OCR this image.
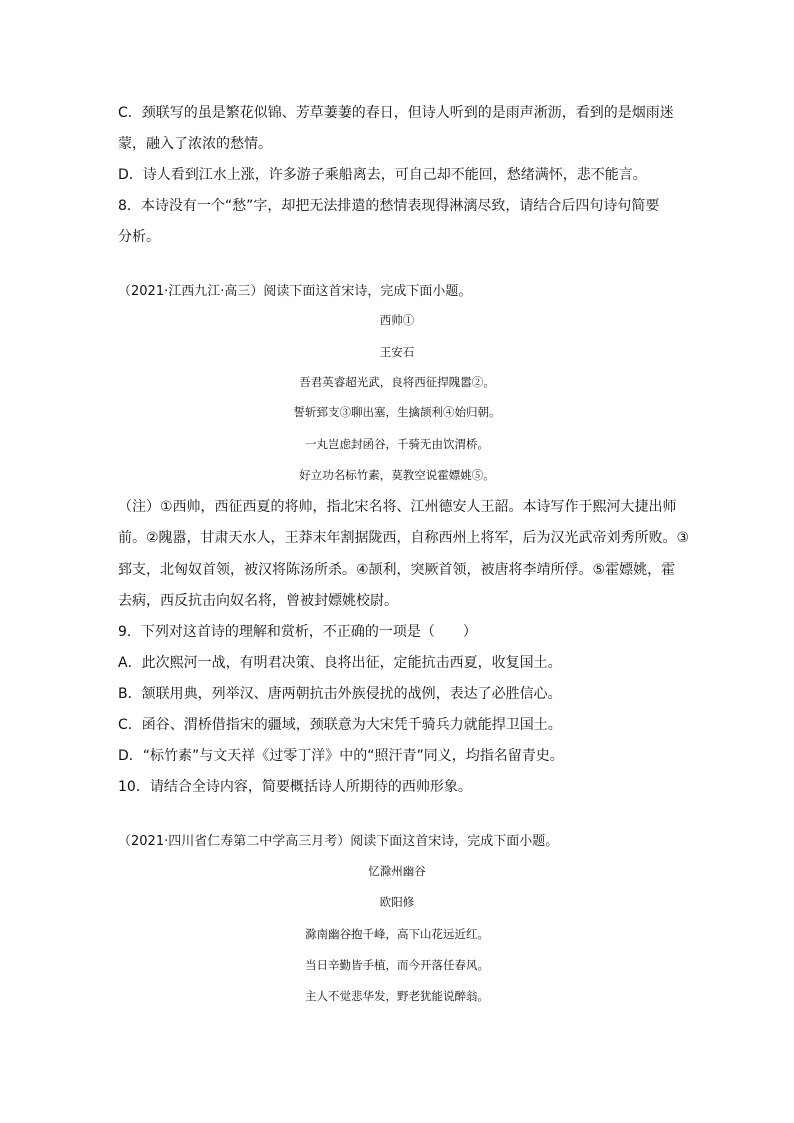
C．颈联写的虽是繁花似锦、芳草萋萋的春日，但诗人听到的是雨声淅沥，看到的是烟雨迷
蒙，融入了浓浓的愁情。
D．诗人看到江水上涨，许多游子乘船离去，可自己却不能回，愁绪满怀，悲不能言。
8．本诗没有一个“愁”字，却把无法排遣的愁情表现得淋漓尽致，请结合后四句诗句简要
分析。
（2021·江西九江·高三）阅读下面这首宋诗，完成下面小题。
西帅①
王安石
吾君英睿超光武，良将西征捍隗嚣②。
誓斩郅支③聊出塞，生擒颉利④始归朝。
一丸岂虑封函谷，千骑无由饮渭桥。
好立功名标竹素，莫教空说霍嫖姚⑤。
（注）①西帅，西征西夏的将帅，指北宋名将、江州德安人王韶。本诗写作于熙河大捷出师
前。②隗嚣，甘肃天水人，王莽末年割据陇西，自称西州上将军，后为汉光武帝刘秀所败。③
郅支，北匈奴首领，被汉将陈汤所杀。④颉利，突厥首领，被唐将李靖所俘。⑤霍嫖姚，霍
去病，西反抗击向奴名将，曾被封嫖姚校尉。
9．下列对这首诗的理解和赏析，不正确的一项是（　　）
A．此次熙河一战，有明君决策、良将出征，定能抗击西夏，收复国土。
B．颔联用典，列举汉、唐两朝抗击外族侵扰的战例，表达了必胜信心。
C．函谷、渭桥借指宋的疆域，颈联意为大宋凭千骑兵力就能捍卫国土。
D．“标竹素”与文天祥《过零丁洋》中的“照汗青”同义，均指名留青史。
10．请结合全诗内容，简要概括诗人所期待的西帅形象。
（2021·四川省仁寿第二中学高三月考）阅读下面这首宋诗，完成下面小题。
忆滁州幽谷
欧阳修
滁南幽谷抱千峰，高下山花远近红。
当日辛勤皆手植，而今开落任春风。
主人不觉悲华发，野老犹能说醉翁。
